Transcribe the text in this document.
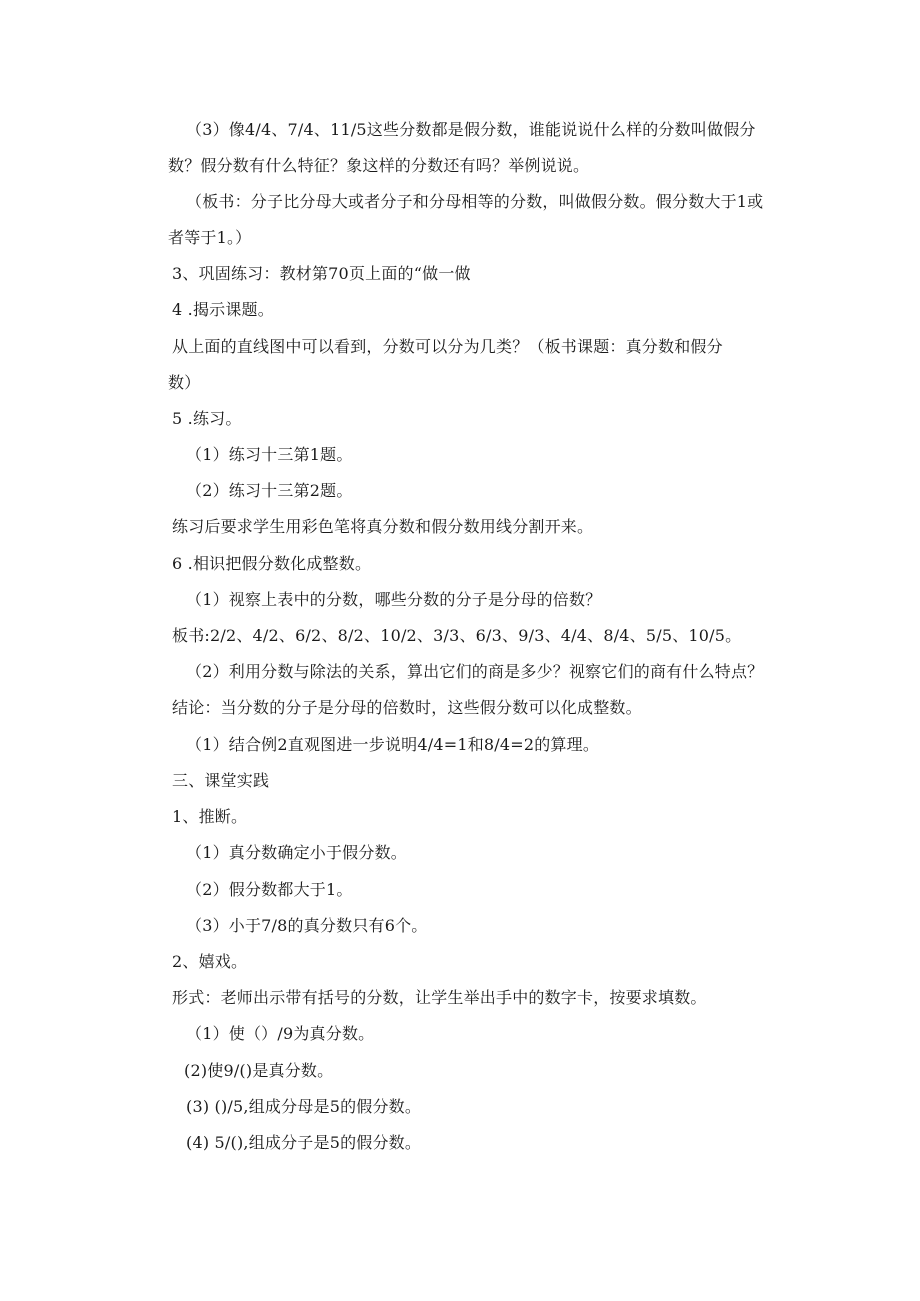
（3）像4/4、7/4、11/5这些分数都是假分数，谁能说说什么样的分数叫做假分
数？假分数有什么特征？象这样的分数还有吗？举例说说。
（板书：分子比分母大或者分子和分母相等的分数，叫做假分数。假分数大于1或
者等于1。）
3、巩固练习：教材第70页上面的“做一做
4 .揭示课题。
从上面的直线图中可以看到，分数可以分为几类？（板书课题：真分数和假分
数）
5 .练习。
（1）练习十三第1题。
（2）练习十三第2题。
练习后要求学生用彩色笔将真分数和假分数用线分割开来。
6 .相识把假分数化成整数。
（1）视察上表中的分数，哪些分数的分子是分母的倍数？
板书:2/2、4/2、6/2、8/2、10/2、3/3、6/3、9/3、4/4、8/4、5/5、10/5。
（2）利用分数与除法的关系，算出它们的商是多少？视察它们的商有什么特点？
结论：当分数的分子是分母的倍数时，这些假分数可以化成整数。
（1）结合例2直观图进一步说明4/4=1和8/4=2的算理。
三、课堂实践
1、推断。
（1）真分数确定小于假分数。
（2）假分数都大于1。
（3）小于7/8的真分数只有6个。
2、嬉戏。
形式：老师出示带有括号的分数，让学生举出手中的数字卡，按要求填数。
（1）使（）/9为真分数。
(2)使9/()是真分数。
(3) ()/5,组成分母是5的假分数。
(4) 5/(),组成分子是5的假分数。
